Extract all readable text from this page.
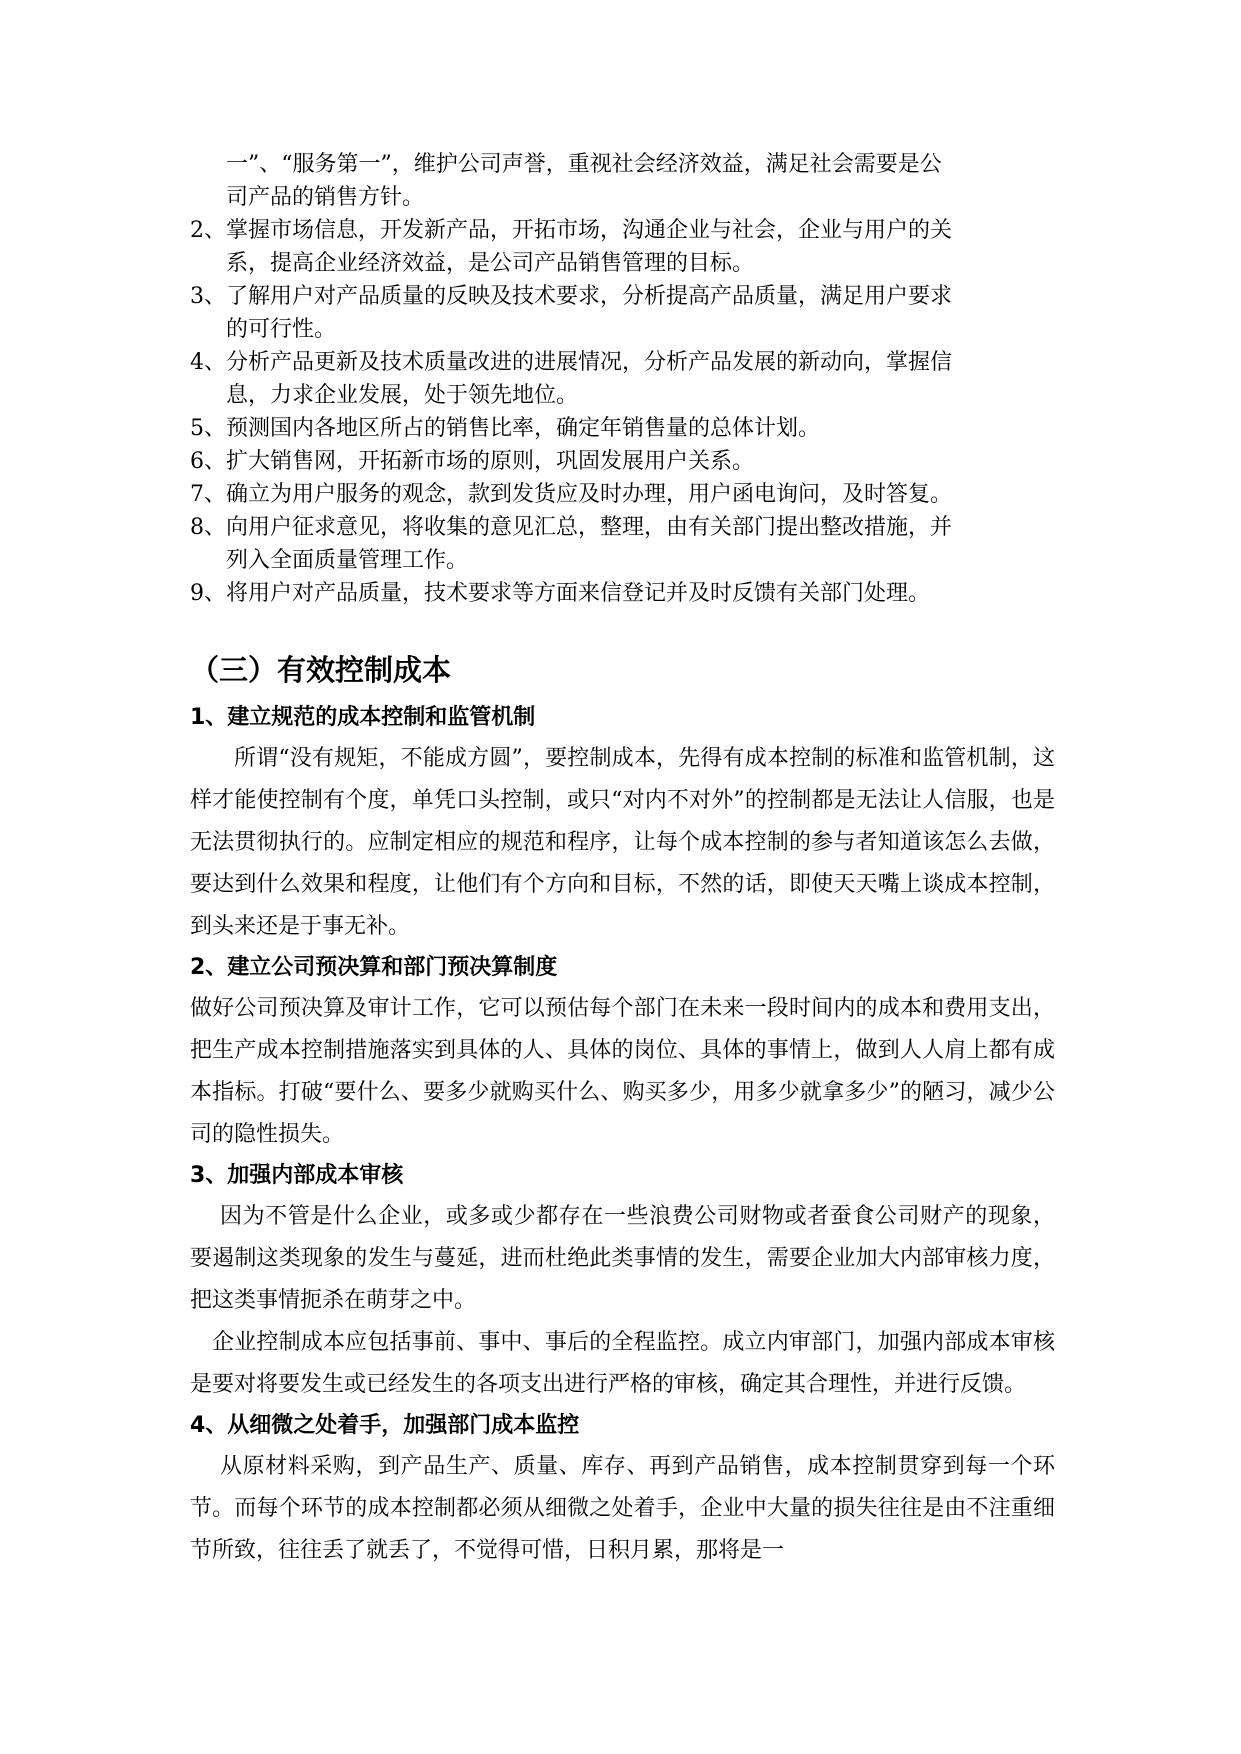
一”、“服务第一”，维护公司声誉，重视社会经济效益，满足社会需要是公
司产品的销售方针。
2、掌握市场信息，开发新产品，开拓市场，沟通企业与社会，企业与用户的关
系，提高企业经济效益，是公司产品销售管理的目标。
3、了解用户对产品质量的反映及技术要求，分析提高产品质量，满足用户要求
的可行性。
4、分析产品更新及技术质量改进的进展情况，分析产品发展的新动向，掌握信
息，力求企业发展，处于领先地位。
5、预测国内各地区所占的销售比率，确定年销售量的总体计划。
6、扩大销售网，开拓新市场的原则，巩固发展用户关系。
7、确立为用户服务的观念，款到发货应及时办理，用户函电询问，及时答复。
8、向用户征求意见，将收集的意见汇总，整理，由有关部门提出整改措施，并
列入全面质量管理工作。
9、将用户对产品质量，技术要求等方面来信登记并及时反馈有关部门处理。
（三）有效控制成本
1、建立规范的成本控制和监管机制
所谓“没有规矩，不能成方圆”，要控制成本，先得有成本控制的标准和监管机制，这样才能使控制有个度，单凭口头控制，或只“对内不对外”的控制都是无法让人信服，也是无法贯彻执行的。应制定相应的规范和程序，让每个成本控制的参与者知道该怎么去做，要达到什么效果和程度，让他们有个方向和目标，不然的话，即使天天嘴上谈成本控制，到头来还是于事无补。
2、建立公司预决算和部门预决算制度
做好公司预决算及审计工作，它可以预估每个部门在未来一段时间内的成本和费用支出，把生产成本控制措施落实到具体的人、具体的岗位、具体的事情上，做到人人肩上都有成本指标。打破“要什么、要多少就购买什么、购买多少，用多少就拿多少”的陋习，减少公司的隐性损失。
3、加强内部成本审核
因为不管是什么企业，或多或少都存在一些浪费公司财物或者蚕食公司财产的现象，要遏制这类现象的发生与蔓延，进而杜绝此类事情的发生，需要企业加大内部审核力度，把这类事情扼杀在萌芽之中。
企业控制成本应包括事前、事中、事后的全程监控。成立内审部门，加强内部成本审核是要对将要发生或已经发生的各项支出进行严格的审核，确定其合理性，并进行反馈。
4、从细微之处着手，加强部门成本监控
从原材料采购，到产品生产、质量、库存、再到产品销售，成本控制贯穿到每一个环节。而每个环节的成本控制都必须从细微之处着手，企业中大量的损失往往是由不注重细节所致，往往丢了就丢了，不觉得可惜，日积月累，那将是一
